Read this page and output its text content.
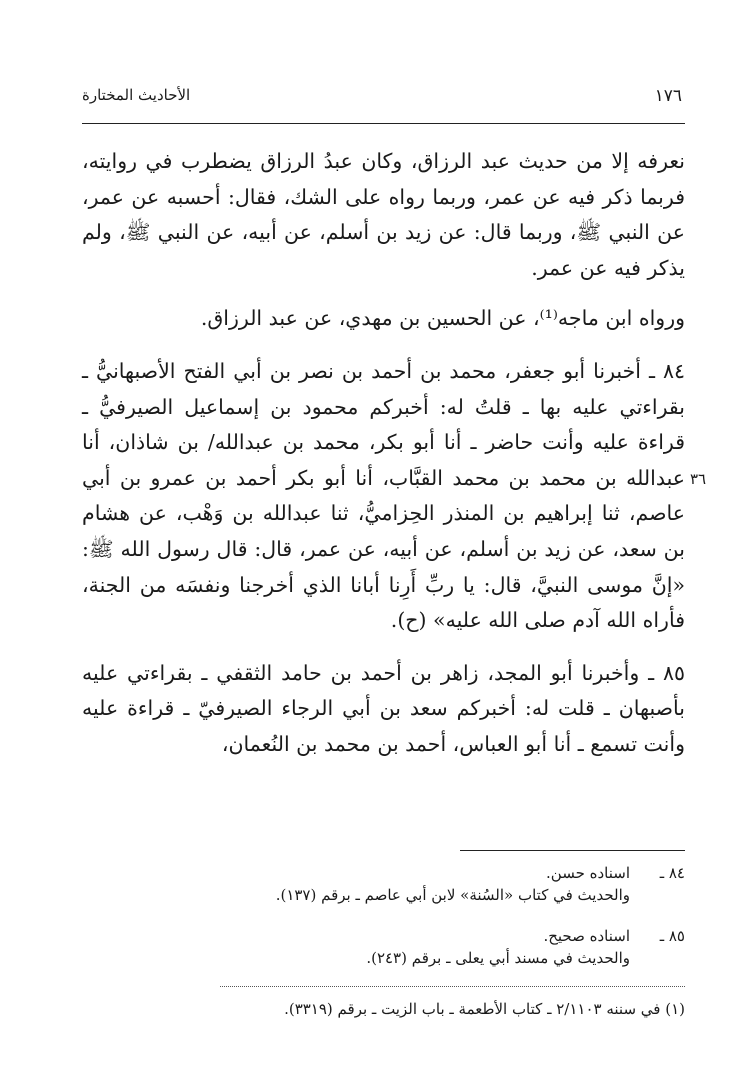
١٧٦
الأحاديث المختارة
٣٦

نعرفه إلا من حديث عبد الرزاق، وكان عبدُ الرزاق يضطرب في روايته، فربما ذكر فيه عن عمر، وربما رواه على الشك، فقال: أحسبه عن عمر، عن النبي ﷺ، وربما قال: عن زيد بن أسلم، عن أبيه، عن النبي ﷺ، ولم يذكر فيه عن عمر.

ورواه ابن ماجه⁽¹⁾، عن الحسين بن مهدي، عن عبد الرزاق.

٨٤ ـ أخبرنا أبو جعفر، محمد بن أحمد بن نصر بن أبي الفتح الأصبهانيُّ ـ بقراءتي عليه بها ـ قلتُ له: أخبركم محمود بن إسماعيل الصيرفيُّ ـ قراءة عليه وأنت حاضر ـ أنا أبو بكر، محمد بن عبدالله/ بن شاذان، أنا عبدالله بن محمد بن محمد القبَّاب، أنا أبو بكر أحمد بن عمرو بن أبي عاصم، ثنا إبراهيم بن المنذر الحِزاميُّ، ثنا عبدالله بن وَهْب، عن هشام بن سعد، عن زيد بن أسلم، عن أبيه، عن عمر، قال: قال رسول الله ﷺ: «إنَّ موسى النبيَّ، قال: يا ربِّ أَرِنا أبانا الذي أخرجنا ونفسَه من الجنة، فأراه الله آدم صلى الله عليه» (ح).

٨٥ ـ وأخبرنا أبو المجد، زاهر بن أحمد بن حامد الثقفي ـ بقراءتي عليه بأصبهان ـ قلت له: أخبركم سعد بن أبي الرجاء الصيرفيّ ـ قراءة عليه وأنت تسمع ـ أنا أبو العباس، أحمد بن محمد بن النُعمان،

٨٤ ـ
اسناده حسن.
والحديث في كتاب «السُنة» لابن أبي عاصم ـ برقم (١٣٧).
٨٥ ـ
اسناده صحيح.
والحديث في مسند أبي يعلى ـ برقم (٢٤٣).
(١) في سننه ٢/١١٠٣ ـ كتاب الأطعمة ـ باب الزيت ـ برقم (٣٣١٩).
